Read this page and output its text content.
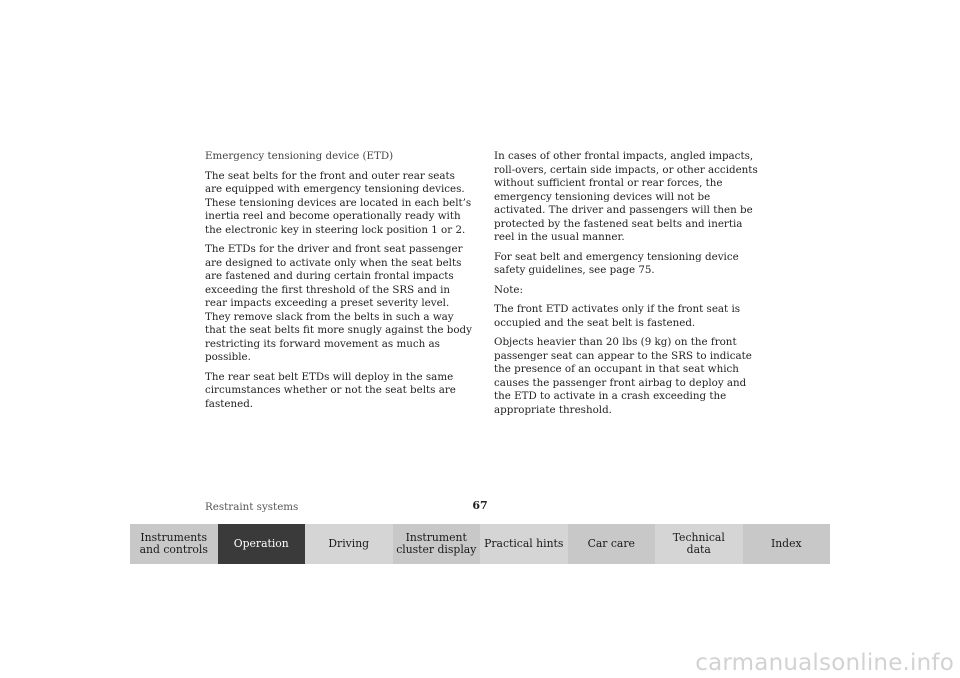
Emergency tensioning device (ETD)

The seat belts for the front and outer rear seats are equipped with emergency tensioning devices. These tensioning devices are located in each belt’s inertia reel and become operationally ready with the electronic key in steering lock position 1 or 2.

The ETDs for the driver and front seat passenger are designed to activate only when the seat belts are fastened and during certain frontal impacts exceeding the first threshold of the SRS and in rear impacts exceeding a preset severity level. They remove slack from the belts in such a way that the seat belts fit more snugly against the body restricting its forward movement as much as possible.

The rear seat belt ETDs will deploy in the same circumstances whether or not the seat belts are fastened.

In cases of other frontal impacts, angled impacts, roll-overs, certain side impacts, or other accidents without sufficient frontal or rear forces, the emergency tensioning devices will not be activated. The driver and passengers will then be protected by the fastened seat belts and inertia reel in the usual manner.

For seat belt and emergency tensioning device safety guidelines, see page 75.

Note:

The front ETD activates only if the front seat is occupied and the seat belt is fastened.

Objects heavier than 20 lbs (9 kg) on the front passenger seat can appear to the SRS to indicate the presence of an occupant in that seat which causes the passenger front airbag to deploy and the ETD to activate in a crash exceeding the appropriate threshold.

Restraint systems	67
Instruments
and controls	Operation	Driving	Instrument
cluster display Practical hints	Car care	Technical
data	Index
carmanualsonline.info
